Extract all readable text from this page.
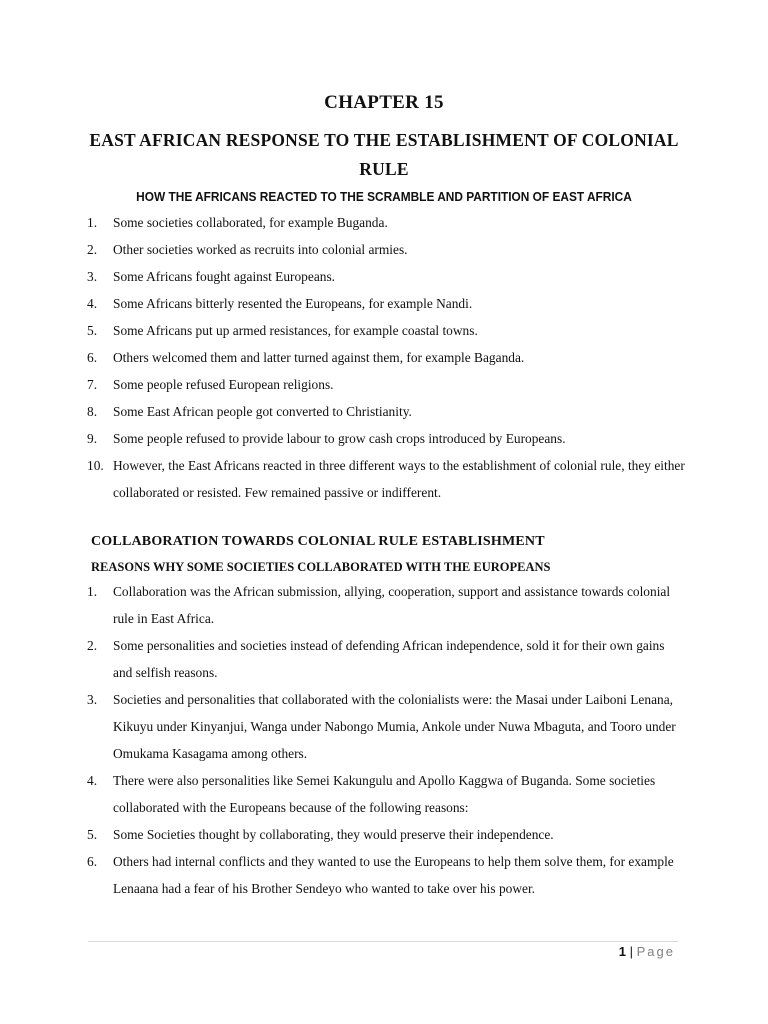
CHAPTER 15
EAST AFRICAN RESPONSE TO THE ESTABLISHMENT OF COLONIAL RULE
HOW THE AFRICANS REACTED TO THE SCRAMBLE AND PARTITION OF EAST AFRICA
1. Some societies collaborated, for example Buganda.
2. Other societies worked as recruits into colonial armies.
3. Some Africans fought against Europeans.
4. Some Africans bitterly resented the Europeans, for example Nandi.
5. Some Africans put up armed resistances, for example coastal towns.
6. Others welcomed them and latter turned against them, for example Baganda.
7. Some people refused European religions.
8. Some East African people got converted to Christianity.
9. Some people refused to provide labour to grow cash crops introduced by Europeans.
10. However, the East Africans reacted in three different ways to the establishment of colonial rule, they either collaborated or resisted. Few remained passive or indifferent.
COLLABORATION TOWARDS COLONIAL RULE ESTABLISHMENT
REASONS WHY SOME SOCIETIES COLLABORATED WITH THE EUROPEANS
1. Collaboration was the African submission, allying, cooperation, support and assistance towards colonial rule in East Africa.
2. Some personalities and societies instead of defending African independence, sold it for their own gains and selfish reasons.
3. Societies and personalities that collaborated with the colonialists were: the Masai under Laiboni Lenana, Kikuyu under Kinyanjui, Wanga under Nabongo Mumia, Ankole under Nuwa Mbaguta, and Tooro under Omukama Kasagama among others.
4. There were also personalities like Semei Kakungulu and Apollo Kaggwa of Buganda. Some societies collaborated with the Europeans because of the following reasons:
5. Some Societies thought by collaborating, they would preserve their independence.
6. Others had internal conflicts and they wanted to use the Europeans to help them solve them, for example Lenaana had a fear of his Brother Sendeyo who wanted to take over his power.
1 | Page
